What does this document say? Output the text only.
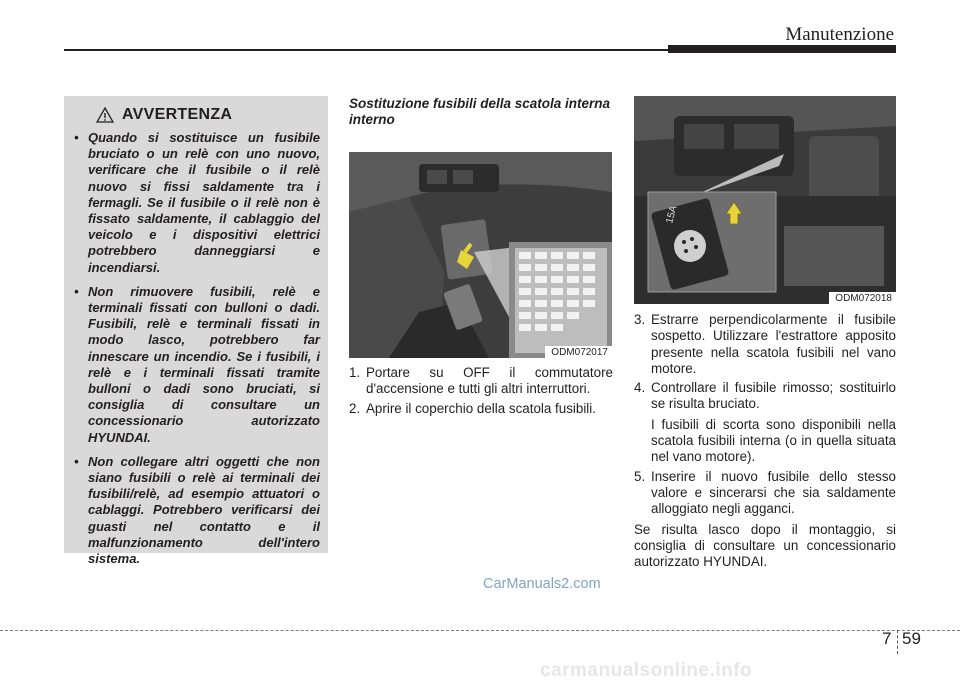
Manutenzione
AVVERTENZA
• Quando si sostituisce un fusibile bruciato o un relè con uno nuovo, verificare che il fusibile o il relè nuovo si fissi saldamente tra i fermagli. Se il fusibile o il relè non è fissato saldamente, il cablaggio del veicolo e i dispositivi elettrici potrebbero danneggiarsi e incendiarsi.
• Non rimuovere fusibili, relè e terminali fissati con bulloni o dadi. Fusibili, relè e terminali fissati in modo lasco, potrebbero far innescare un incendio. Se i fusibili, i relè e i terminali fissati tramite bulloni o dadi sono bruciati, si consiglia di consultare un concessionario autorizzato HYUNDAI.
• Non collegare altri oggetti che non siano fusibili o relè ai terminali dei fusibili/relè, ad esempio attuatori o cablaggi. Potrebbero verificarsi dei guasti nel contatto e il malfunzionamento dell'intero sistema.

Sostituzione fusibili della scatola interna interno

ODM072017
1. Portare su OFF il commutatore d'accensione e tutti gli altri interruttori.
2. Aprire il coperchio della scatola fusibili.
15A
ODM072018
3. Estrarre perpendicolarmente il fusibile sospetto. Utilizzare l'estrattore apposito presente nella scatola fusibili nel vano motore.
4. Controllare il fusibile rimosso; sostituirlo se risulta bruciato.
I fusibili di scorta sono disponibili nella scatola fusibili interna (o in quella situata nel vano motore).
5. Inserire il nuovo fusibile dello stesso valore e sincerarsi che sia saldamente alloggiato negli agganci.

Se risulta lasco dopo il montaggio, si consiglia di consultare un concessionario autorizzato HYUNDAI.

CarManuals2.com
7 59
carmanualsonline.info
